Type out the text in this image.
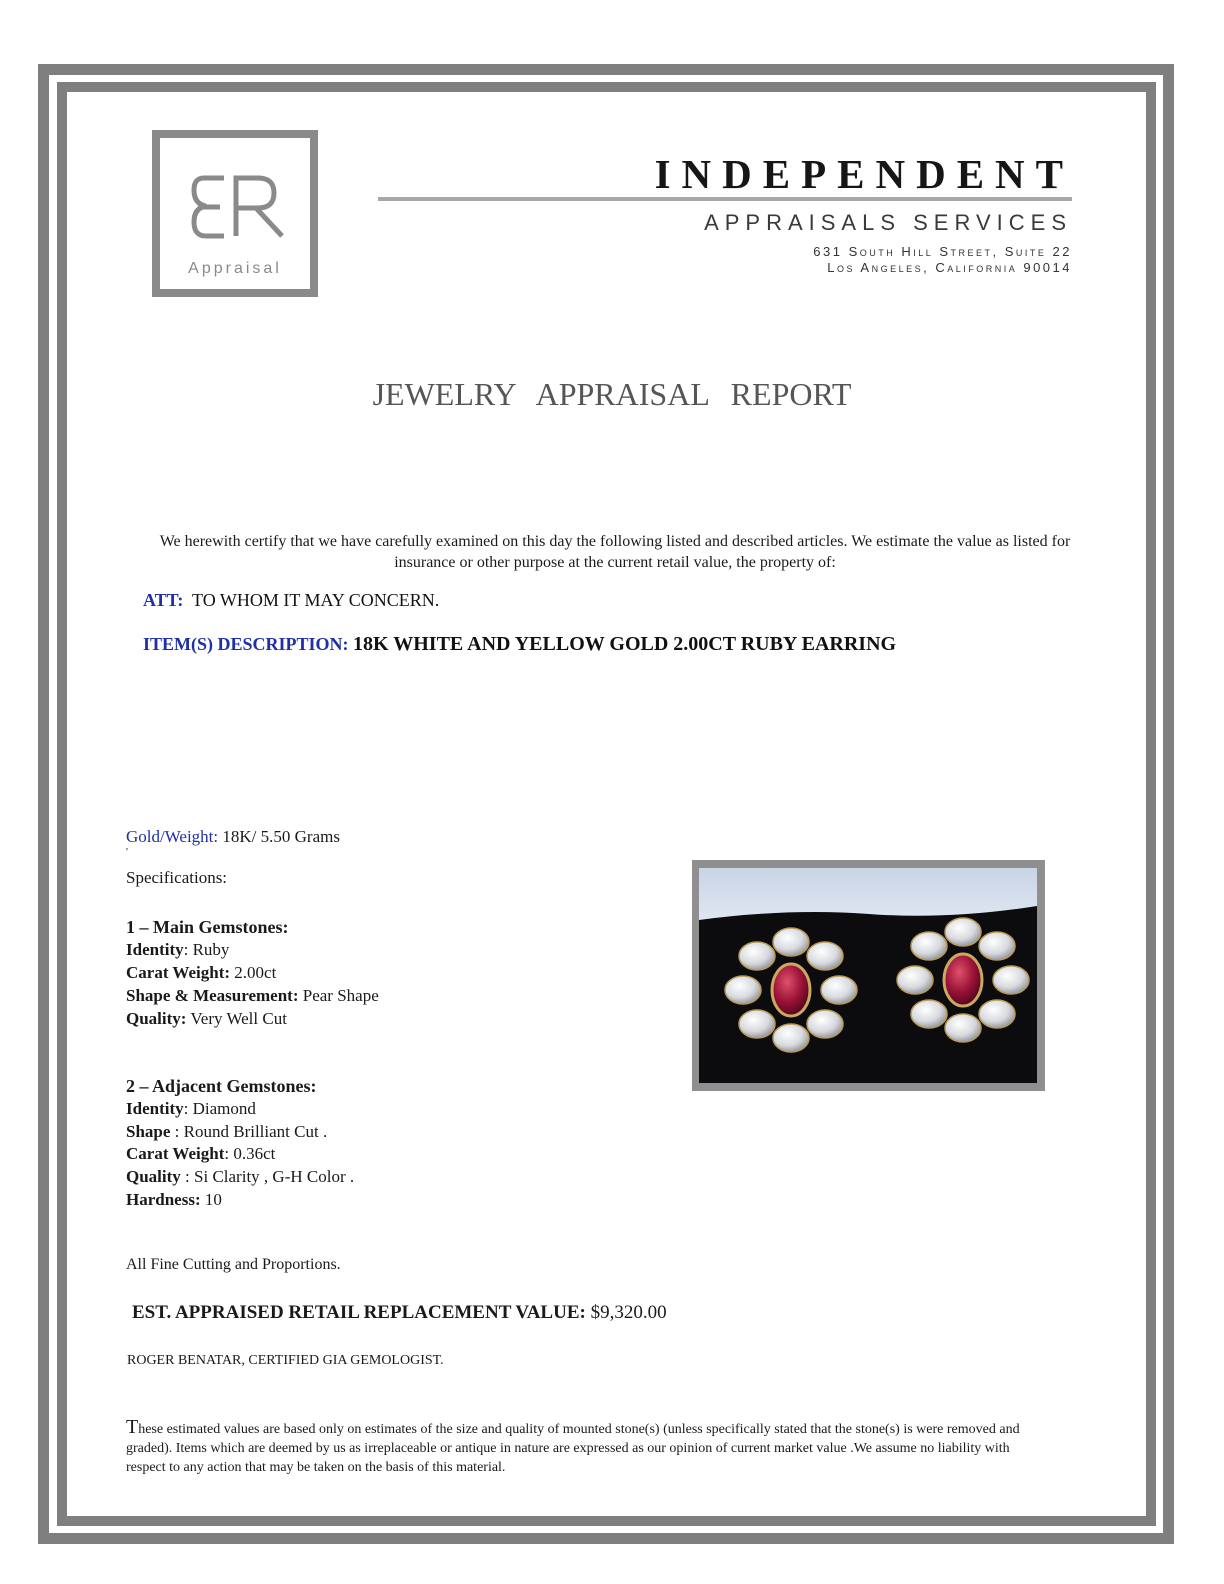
Appraisal
INDEPENDENT
APPRAISALS SERVICES
631 South Hill Street, Suite 22
Los Angeles, California 90014
JEWELRY APPRAISAL REPORT
We herewith certify that we have carefully examined on this day the following listed and described articles. We estimate the value as listed for insurance or other purpose at the current retail value, the property of:
ATT: TO WHOM IT MAY CONCERN.
ITEM(S) DESCRIPTION: 18K WHITE AND YELLOW GOLD 2.00CT RUBY EARRING
Gold/Weight: 18K/ 5.50 Grams
'
Specifications:
1 – Main Gemstones:
Identity: Ruby
Carat Weight: 2.00ct
Shape & Measurement: Pear Shape
Quality: Very Well Cut
2 – Adjacent Gemstones:
Identity: Diamond
Shape : Round Brilliant Cut .
Carat Weight: 0.36ct
Quality : Si Clarity , G-H Color .
Hardness: 10
All Fine Cutting and Proportions.
EST. APPRAISED RETAIL REPLACEMENT VALUE: $9,320.00
ROGER BENATAR, CERTIFIED GIA GEMOLOGIST.
These estimated values are based only on estimates of the size and quality of mounted stone(s) (unless specifically stated that the stone(s) is were removed and graded). Items which are deemed by us as irreplaceable or antique in nature are expressed as our opinion of current market value .We assume no liability with respect to any action that may be taken on the basis of this material.
